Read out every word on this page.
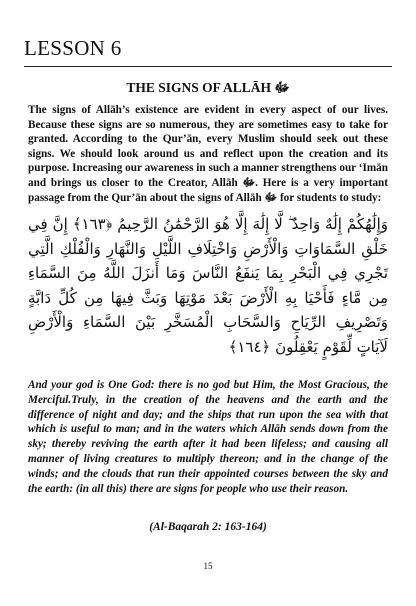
LESSON 6
THE SIGNS OF ALLĀH ﷻ

The signs of Allāh’s existence are evident in every aspect of our lives. Because these signs are so numerous, they are sometimes easy to take for granted. According to the Qur’ān, every Muslim should seek out these signs. We should look around us and reflect upon the creation and its purpose. Increasing our awareness in such a manner strengthens our ‘Imān and brings us closer to the Creator, Allāh ﷻ. Here is a very important passage from the Qur’ān about the signs of Allāh ﷻ for students to study:

وَإِلَٰهُكُمْ إِلَٰهٌ وَاحِدٌ ۖ لَّا إِلَٰهَ إِلَّا هُوَ الرَّحْمَٰنُ الرَّحِيمُ ﴿١٦٣﴾ إِنَّ فِي خَلْقِ السَّمَاوَاتِ وَالْأَرْضِ وَاخْتِلَافِ اللَّيْلِ وَالنَّهَارِ وَالْفُلْكِ الَّتِي تَجْرِي فِي الْبَحْرِ بِمَا يَنفَعُ النَّاسَ وَمَا أَنزَلَ اللَّهُ مِنَ السَّمَاءِ مِن مَّاءٍ فَأَحْيَا بِهِ الْأَرْضَ بَعْدَ مَوْتِهَا وَبَثَّ فِيهَا مِن كُلِّ دَابَّةٍ وَتَصْرِيفِ الرِّيَاحِ وَالسَّحَابِ الْمُسَخَّرِ بَيْنَ السَّمَاءِ وَالْأَرْضِ لَآيَاتٍ لِّقَوْمٍ يَعْقِلُونَ ﴿١٦٤﴾

And your god is One God: there is no god but Him, the Most Gracious, the Merciful.Truly, in the creation of the heavens and the earth and the difference of night and day; and the ships that run upon the sea with that which is useful to man; and in the waters which Allāh sends down from the sky; thereby reviving the earth after it had been lifeless; and causing all manner of living creatures to multiply thereon; and in the change of the winds; and the clouds that run their appointed courses between the sky and the earth: (in all this) there are signs for people who use their reason.

(Al-Baqarah 2: 163-164)
15
